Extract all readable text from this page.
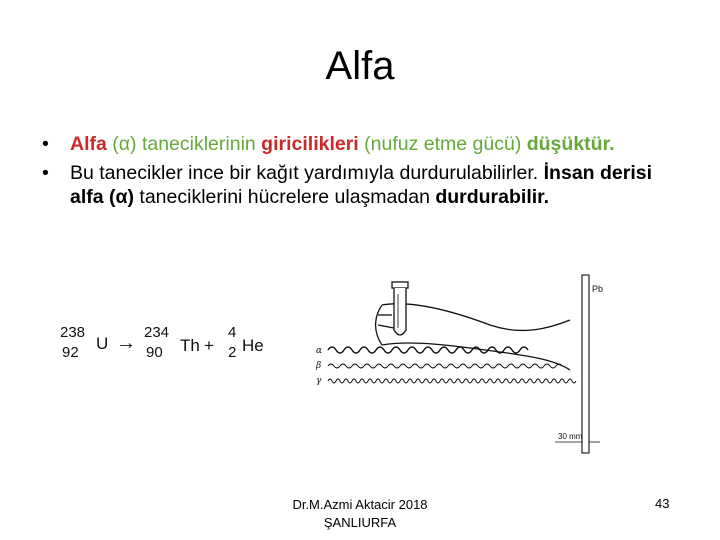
Alfa
• Alfa (α) taneciklerinin giricilikleri (nufuz etme gücü) düşüktür.
• Bu tanecikler ince bir kağıt yardımıyla durdurulabilirler. İnsan derisi alfa (α) taneciklerini hücrelere ulaşmadan durdurabilir.
238
92 U → 234
90 Th +
4
2 He
Pb
30 mm
α
β
γ
Dr.M.Azmi Aktacir 2018
ŞANLIURFA
43
